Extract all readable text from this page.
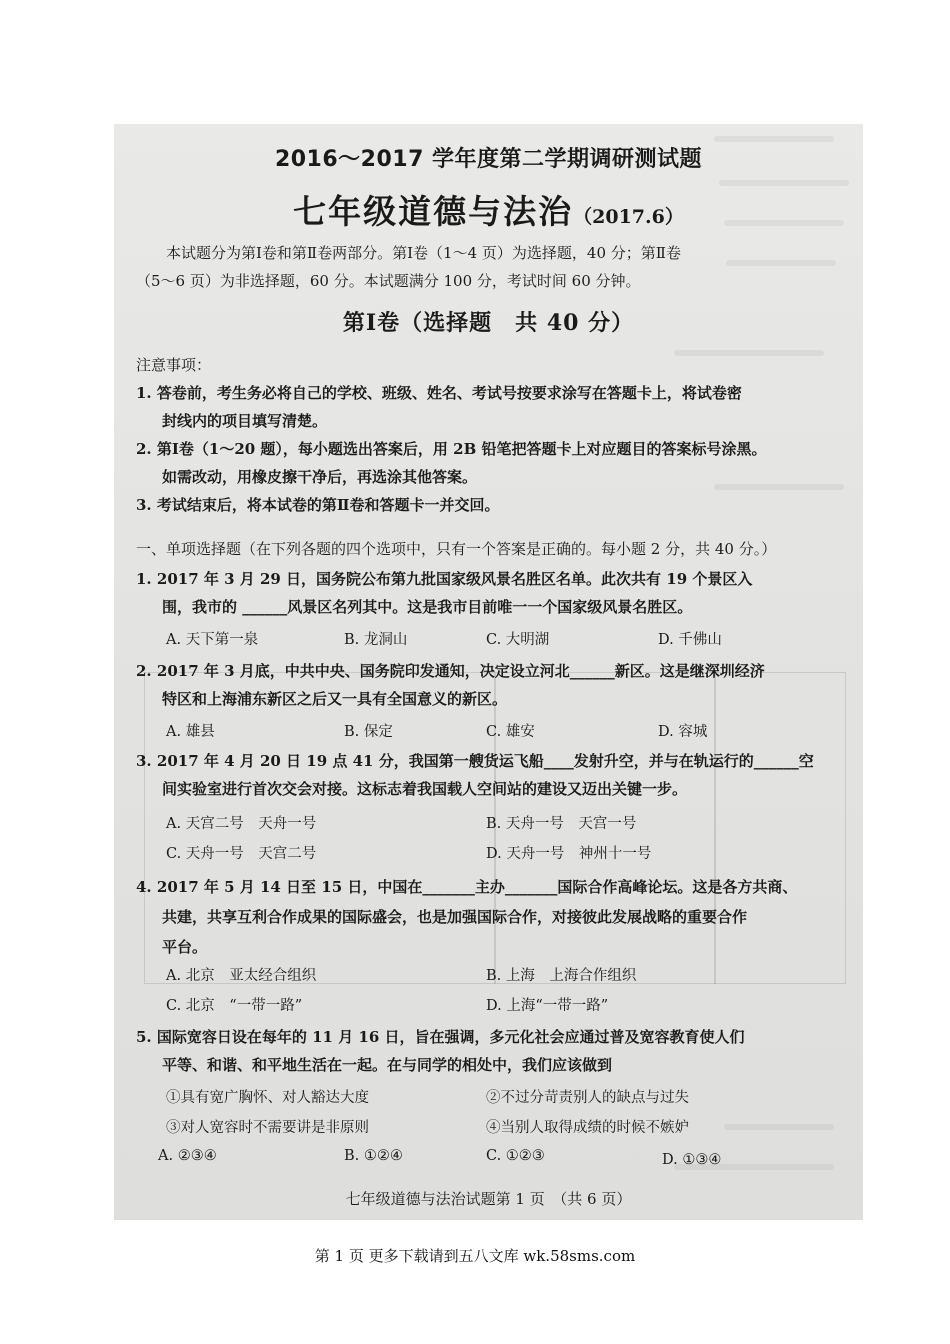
2016～2017 学年度第二学期调研测试题
七年级道德与法治（2017.6）
本试题分为第Ⅰ卷和第Ⅱ卷两部分。第Ⅰ卷（1～4 页）为选择题，40 分；第Ⅱ卷
（5～6 页）为非选择题，60 分。本试题满分 100 分，考试时间 60 分钟。
第Ⅰ卷（选择题　共 40 分）
注意事项：
1. 答卷前，考生务必将自己的学校、班级、姓名、考试号按要求涂写在答题卡上，将试卷密
封线内的项目填写清楚。
2. 第Ⅰ卷（1～20 题），每小题选出答案后，用 2B 铅笔把答题卡上对应题目的答案标号涂黑。
如需改动，用橡皮擦干净后，再选涂其他答案。
3. 考试结束后，将本试卷的第Ⅱ卷和答题卡一并交回。
一、单项选择题（在下列各题的四个选项中，只有一个答案是正确的。每小题 2 分，共 40 分。）
1. 2017 年 3 月 29 日，国务院公布第九批国家级风景名胜区名单。此次共有 19 个景区入
围，我市的 ______风景区名列其中。这是我市目前唯一一个国家级风景名胜区。
A. 天下第一泉	B. 龙洞山	C. 大明湖	D. 千佛山
2. 2017 年 3 月底，中共中央、国务院印发通知，决定设立河北______新区。这是继深圳经济
特区和上海浦东新区之后又一具有全国意义的新区。
A. 雄县	B. 保定	C. 雄安	D. 容城
3. 2017 年 4 月 20 日 19 点 41 分，我国第一艘货运飞船____发射升空，并与在轨运行的______空
间实验室进行首次交会对接。这标志着我国载人空间站的建设又迈出关键一步。
A. 天宫二号　天舟一号	B. 天舟一号　天宫一号
C. 天舟一号　天宫二号	D. 天舟一号　神州十一号
4. 2017 年 5 月 14 日至 15 日，中国在_______主办_______国际合作高峰论坛。这是各方共商、
共建，共享互利合作成果的国际盛会，也是加强国际合作，对接彼此发展战略的重要合作
平台。
A. 北京　亚太经合组织	B. 上海　上海合作组织
C. 北京　“一带一路”	D. 上海“一带一路”
5. 国际宽容日设在每年的 11 月 16 日，旨在强调，多元化社会应通过普及宽容教育使人们
平等、和谐、和平地生活在一起。在与同学的相处中，我们应该做到
①具有宽广胸怀、对人豁达大度	②不过分苛责别人的缺点与过失
③对人宽容时不需要讲是非原则	④当别人取得成绩的时候不嫉妒
A. ②③④	B. ①②④	C. ①②③	D. ①③④
七年级道德与法治试题第 1 页　（共 6 页）
第 1 页 更多下载请到五八文库 wk.58sms.com
